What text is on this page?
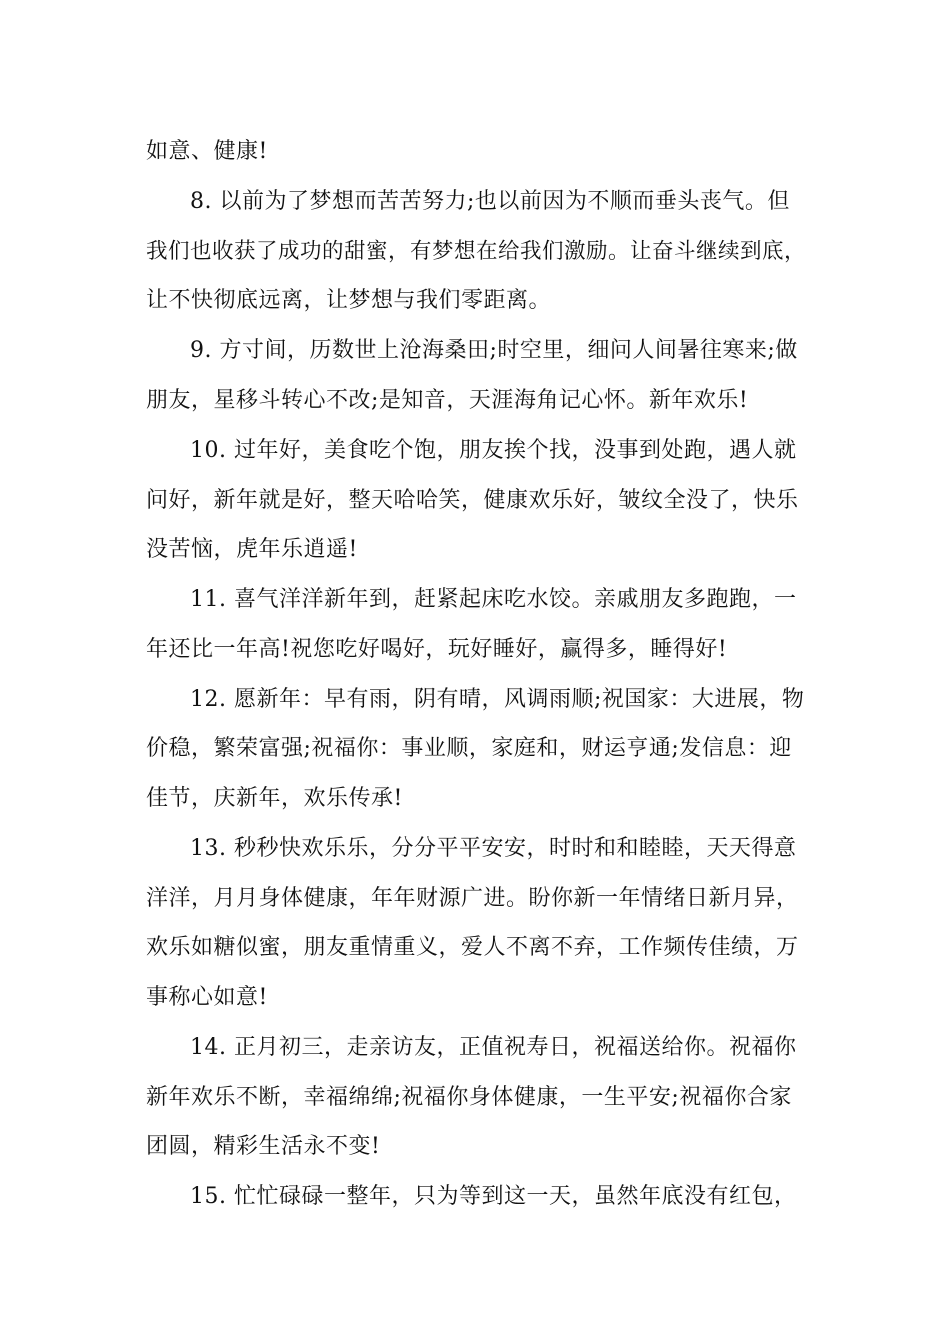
如意、健康!
8. 以前为了梦想而苦苦努力;也以前因为不顺而垂头丧气。但
我们也收获了成功的甜蜜，有梦想在给我们激励。让奋斗继续到底，
让不快彻底远离，让梦想与我们零距离。
9. 方寸间，历数世上沧海桑田;时空里，细问人间暑往寒来;做
朋友，星移斗转心不改;是知音，天涯海角记心怀。新年欢乐!
10. 过年好，美食吃个饱，朋友挨个找，没事到处跑，遇人就
问好，新年就是好，整天哈哈笑，健康欢乐好，皱纹全没了，快乐
没苦恼，虎年乐逍遥!
11. 喜气洋洋新年到，赶紧起床吃水饺。亲戚朋友多跑跑，一
年还比一年高!祝您吃好喝好，玩好睡好，赢得多，睡得好!
12. 愿新年：早有雨，阴有晴，风调雨顺;祝国家：大进展，物
价稳，繁荣富强;祝福你：事业顺，家庭和，财运亨通;发信息：迎
佳节，庆新年，欢乐传承!
13. 秒秒快欢乐乐，分分平平安安，时时和和睦睦，天天得意
洋洋，月月身体健康，年年财源广进。盼你新一年情绪日新月异，
欢乐如糖似蜜，朋友重情重义，爱人不离不弃，工作频传佳绩，万
事称心如意!
14. 正月初三，走亲访友，正值祝寿日，祝福送给你。祝福你
新年欢乐不断，幸福绵绵;祝福你身体健康，一生平安;祝福你合家
团圆，精彩生活永不变!
15. 忙忙碌碌一整年，只为等到这一天，虽然年底没有红包，
